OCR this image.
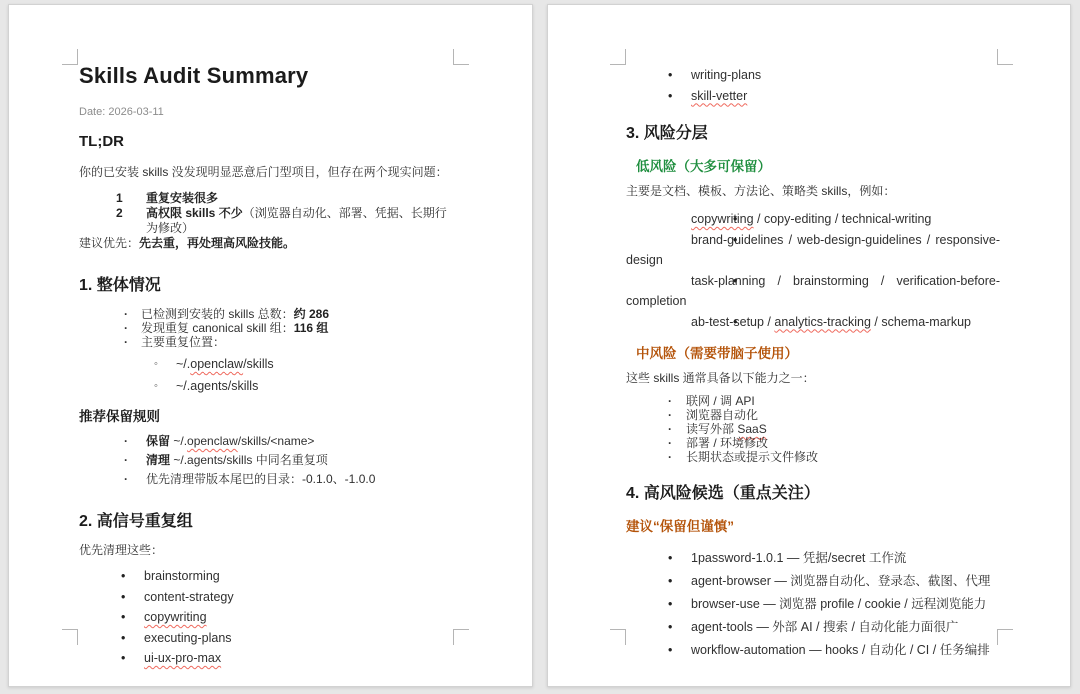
Skills Audit Summary
Date: 2026-03-11
TL;DR
你的已安装 skills 没发现明显恶意后门型项目，但存在两个现实问题：
1 重复安装很多
2 高权限 skills 不少（浏览器自动化、部署、凭据、长期行为修改）
建议优先：先去重，再处理高风险技能。
1. 整体情况
· 已检测到安装的 skills 总数：约 286
· 发现重复 canonical skill 组：116 组
· 主要重复位置：
◦ ~/.openclaw/skills
◦ ~/.agents/skills
推荐保留规则
· 保留 ~/.openclaw/skills/<name>
· 清理 ~/.agents/skills 中同名重复项
· 优先清理带版本尾巴的目录：-0.1.0、-1.0.0
2. 高信号重复组
优先清理这些：
• brainstorming
• content-strategy
• copywriting
• executing-plans
• ui-ux-pro-max
• writing-plans
• skill-vetter
3. 风险分层
低风险（大多可保留）
主要是文档、模板、方法论、策略类 skills，例如：
• copywriting / copy-editing / technical-writing
• brand-guidelines / web-design-guidelines / responsive-design
• task-planning / brainstorming / verification-before-completion
• ab-test-setup / analytics-tracking / schema-markup
中风险（需要带脑子使用）
这些 skills 通常具备以下能力之一：
· 联网 / 调 API
· 浏览器自动化
· 读写外部 SaaS
· 部署 / 环境修改
· 长期状态或提示文件修改
4. 高风险候选（重点关注）
建议“保留但谨慎”
• 1password-1.0.1 — 凭据/secret 工作流
• agent-browser — 浏览器自动化、登录态、截图、代理
• browser-use — 浏览器 profile / cookie / 远程浏览能力
• agent-tools — 外部 AI / 搜索 / 自动化能力面很广
• workflow-automation — hooks / 自动化 / CI / 任务编排
